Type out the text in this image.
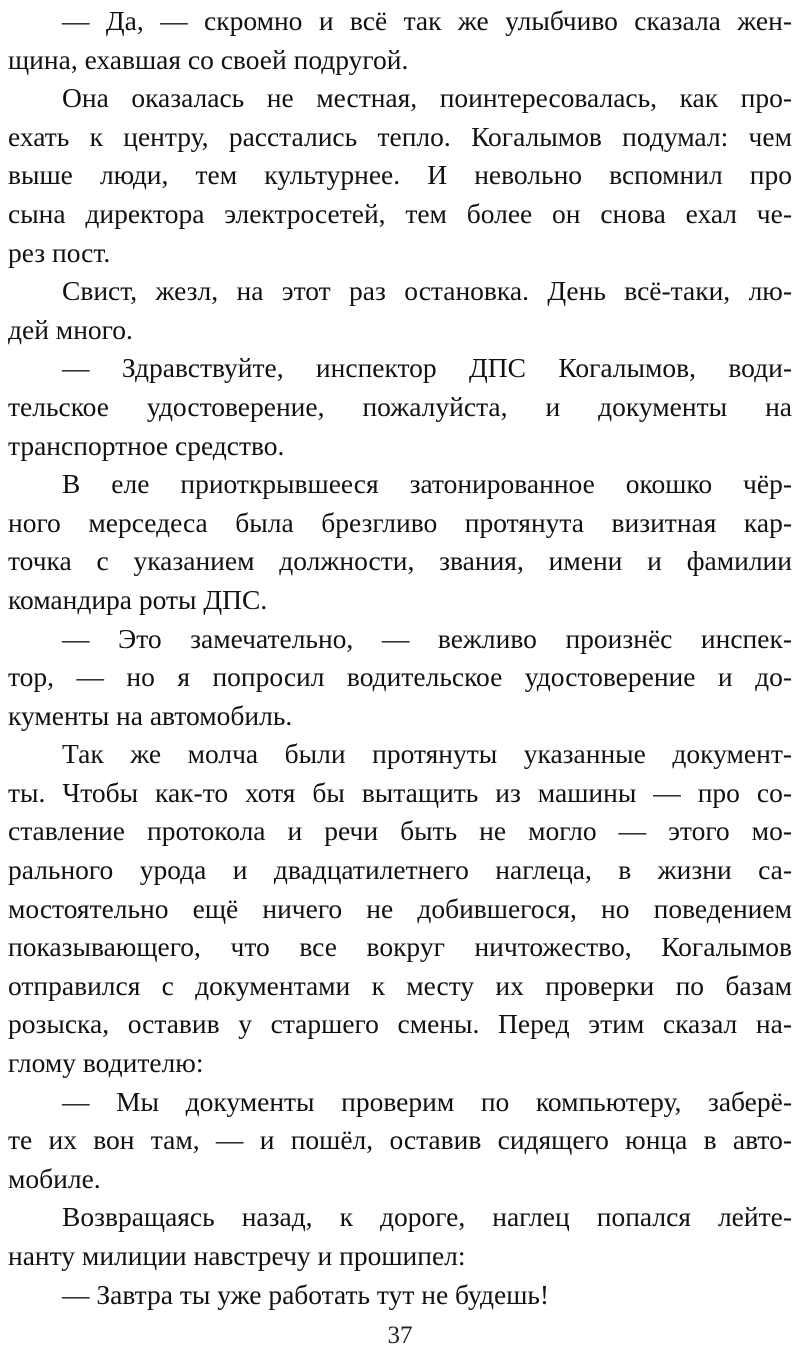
— Да, — скромно и всё так же улыбчиво сказала жен-
щина, ехавшая со своей подругой.
Она оказалась не местная, поинтересовалась, как про-
ехать к центру, расстались тепло. Когалымов подумал: чем
выше люди, тем культурнее. И невольно вспомнил про
сына директора электросетей, тем более он снова ехал че-
рез пост.
Свист, жезл, на этот раз остановка. День всё-таки, лю-
дей много.
— Здравствуйте, инспектор ДПС Когалымов, води-
тельское удостоверение, пожалуйста, и документы на
транспортное средство.
В еле приоткрывшееся затонированное окошко чёр-
ного мерседеса была брезгливо протянута визитная кар-
точка с указанием должности, звания, имени и фамилии
командира роты ДПС.
— Это замечательно, — вежливо произнёс инспек-
тор, — но я попросил водительское удостоверение и до-
кументы на автомобиль.
Так же молча были протянуты указанные документ-
ты. Чтобы как-то хотя бы вытащить из машины — про со-
ставление протокола и речи быть не могло — этого мо-
рального урода и двадцатилетнего наглеца, в жизни са-
мостоятельно ещё ничего не добившегося, но поведением
показывающего, что все вокруг ничтожество, Когалымов
отправился с документами к месту их проверки по базам
розыска, оставив у старшего смены. Перед этим сказал на-
глому водителю:
— Мы документы проверим по компьютеру, заберё-
те их вон там, — и пошёл, оставив сидящего юнца в авто-
мобиле.
Возвращаясь назад, к дороге, наглец попался лейте-
нанту милиции навстречу и прошипел:
— Завтра ты уже работать тут не будешь!
37
